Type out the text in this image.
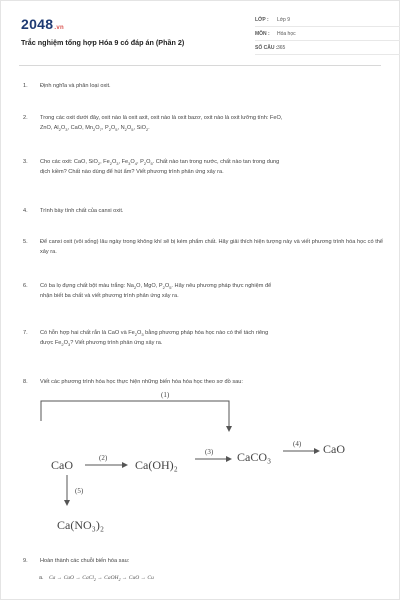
2048.vn
Trắc nghiệm tổng hợp Hóa 9 có đáp án (Phần 2)
LỚP : Lớp 9
MÔN : Hóa học
SỐ CÂU : 365
1. Định nghĩa và phân loại oxit.
2. Trong các oxit dưới đây, oxit nào là oxit axit, oxit nào là oxit bazơ, oxit nào là oxit lưỡng tính: FeO,
ZnO, $Al_2O_3$, CaO, $Mn_2O_7$, $P_2O_5$, $N_2O_5$, SiO$_2$.
3. Cho các oxit: CaO, SiO$_2$, $Fe_2O_3$, $Fe_3O_4$, $P_2O_5$. Chất nào tan trong nước, chất nào tan trong dung
dịch kiềm? Chất nào dùng để hút ẩm? Viết phương trình phản ứng xảy ra.
4. Trình bày tính chất của canxi oxit.
5. Để canxi oxit (vôi sống) lâu ngày trong không khí sẽ bị kém phẩm chất. Hãy giải thích hiện tượng này và viết phương trình hóa học có thể xảy ra.
6. Có ba lọ đựng chất bột màu trắng: $Na_2O$, MgO, $P_2O_5$. Hãy nêu phương pháp thực nghiệm để
nhận biết ba chất và viết phương trình phản ứng xảy ra.
7. Có hỗn hợp hai chất rắn là CaO và $Fe_2O_3$ bằng phương pháp hóa học nào có thể tách riêng
được $Fe_2O_3$? Viết phương trình phản ứng xảy ra.
8. Viết các phương trình hóa học thực hiện những biến hóa hóa học theo sơ đồ sau:
(1)
CaO	Ca(OH)₂
CaCO₃
CaO
Ca(NO₃)₂
(2)
(3)
(4)
(5)
9. Hoàn thành các chuỗi biến hóa sau:
a. Ca → CuO → CaCl$_2$ → CaOH$_2$ → CuO → Cu
